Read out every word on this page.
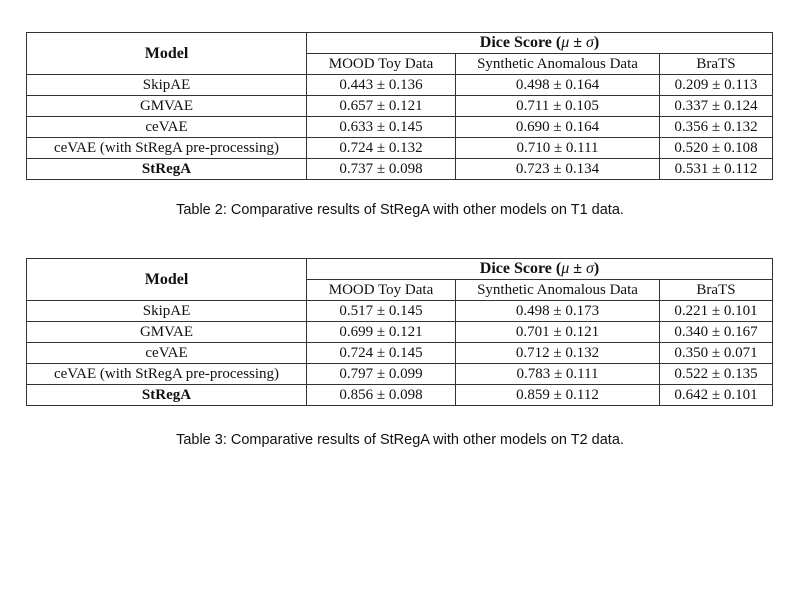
Model	Dice Score (μ ± σ)		
	MOOD Toy Data	Synthetic Anomalous Data	BraTS
SkipAE	0.443 ± 0.136	0.498 ± 0.164	0.209 ± 0.113
GMVAE	0.657 ± 0.121	0.711 ± 0.105	0.337 ± 0.124
ceVAE	0.633 ± 0.145	0.690 ± 0.164	0.356 ± 0.132
ceVAE (with StRegA pre-processing)	0.724 ± 0.132	0.710 ± 0.111	0.520 ± 0.108
StRegA	0.737 ± 0.098	0.723 ± 0.134	0.531 ± 0.112
Table 2: Comparative results of StRegA with other models on T1 data.
Model	Dice Score (μ ± σ)		
	MOOD Toy Data	Synthetic Anomalous Data	BraTS
SkipAE	0.517 ± 0.145	0.498 ± 0.173	0.221 ± 0.101
GMVAE	0.699 ± 0.121	0.701 ± 0.121	0.340 ± 0.167
ceVAE	0.724 ± 0.145	0.712 ± 0.132	0.350 ± 0.071
ceVAE (with StRegA pre-processing)	0.797 ± 0.099	0.783 ± 0.111	0.522 ± 0.135
StRegA	0.856 ± 0.098	0.859 ± 0.112	0.642 ± 0.101
Table 3: Comparative results of StRegA with other models on T2 data.
